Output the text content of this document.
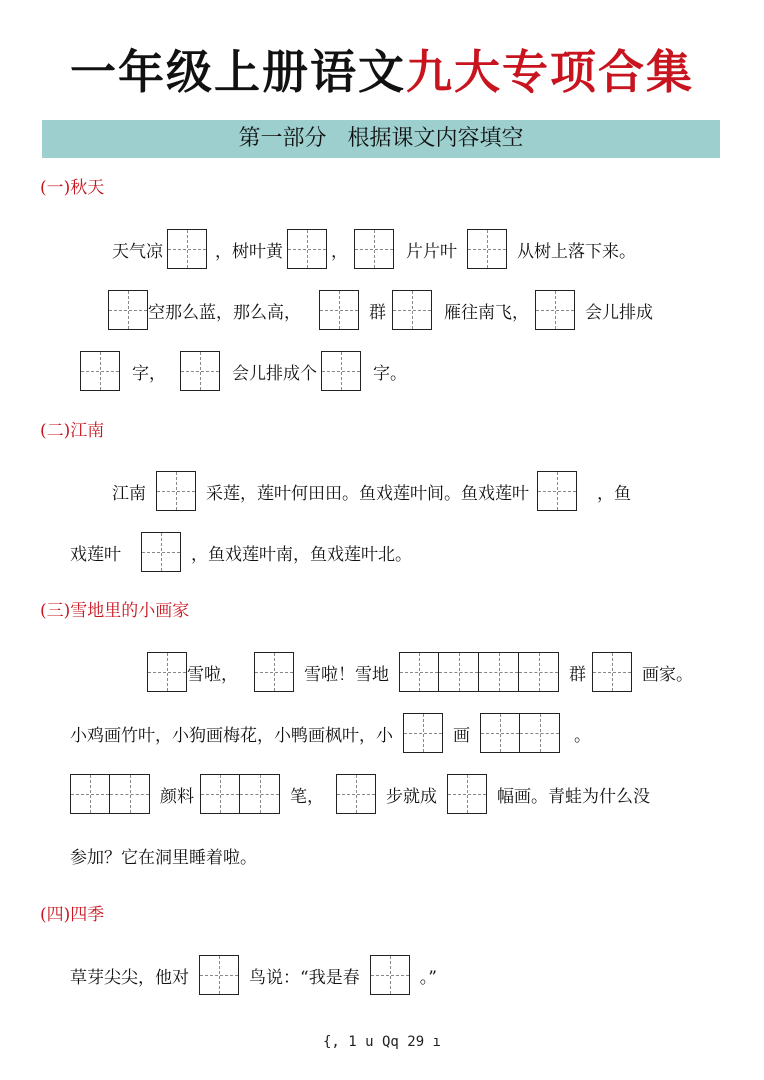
一年级上册语文九大专项合集
第一部分   根据课文内容填空
(一)秋天
天气凉	，树叶黄	，	片片叶	从树上落下来。
空那么蓝，那么高，	群	雁往南飞，	会儿排成
字，	会儿排成个	字。
(二)江南
江南	采莲，莲叶何田田。鱼戏莲叶间。鱼戏莲叶	，鱼
戏莲叶	，鱼戏莲叶南，鱼戏莲叶北。
(三)雪地里的小画家
雪啦，	雪啦！雪地	群	画家。
小鸡画竹叶，小狗画梅花，小鸭画枫叶，小	画	。
颜料	笔，	步就成	幅画。青蛙为什么没
参加？它在洞里睡着啦。
(四)四季
草芽尖尖，他对	鸟说：“我是春	。”
{, 1 u Qq 29 ı
